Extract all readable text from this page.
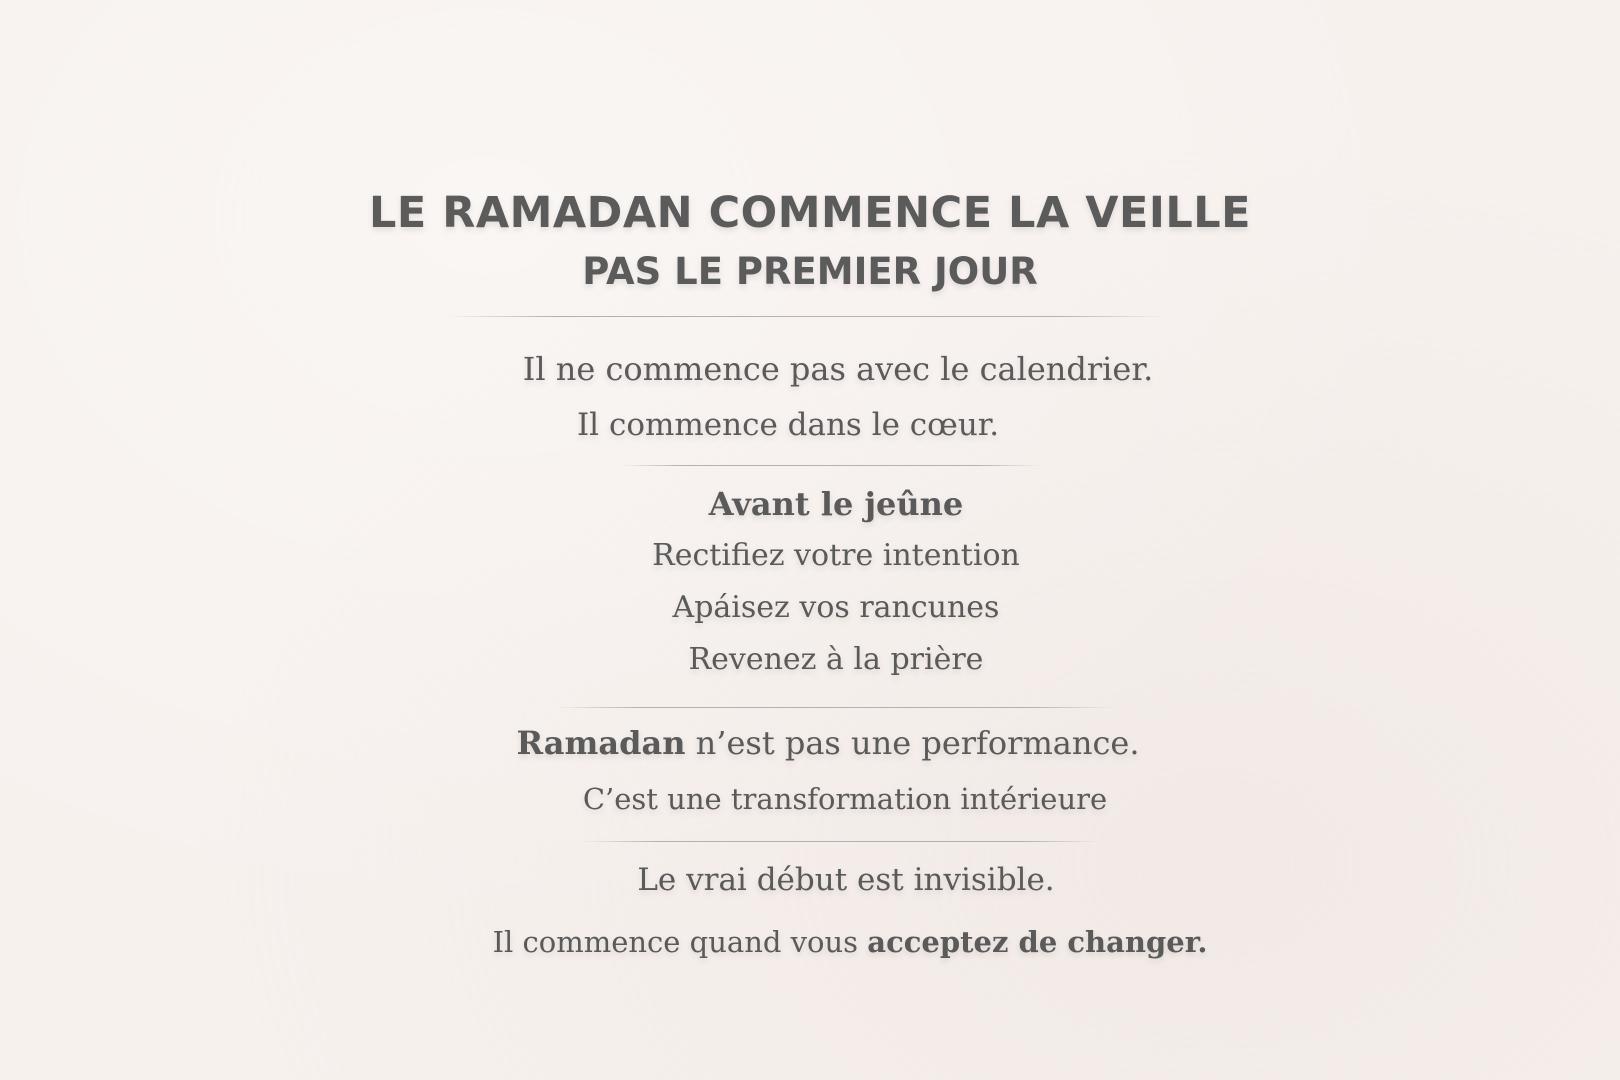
LE RAMADAN COMMENCE LA VEILLE
PAS LE PREMIER JOUR
Il ne commence pas avec le calendrier.
Il commence dans le cœur.
Avant le jeûne
Rectifiez votre intention
Apáisez vos rancunes
Revenez à la prière
Ramadan n’est pas une performance.
C’est une transformation intérieure
Le vrai début est invisible.
Il commence quand vous acceptez de changer.
